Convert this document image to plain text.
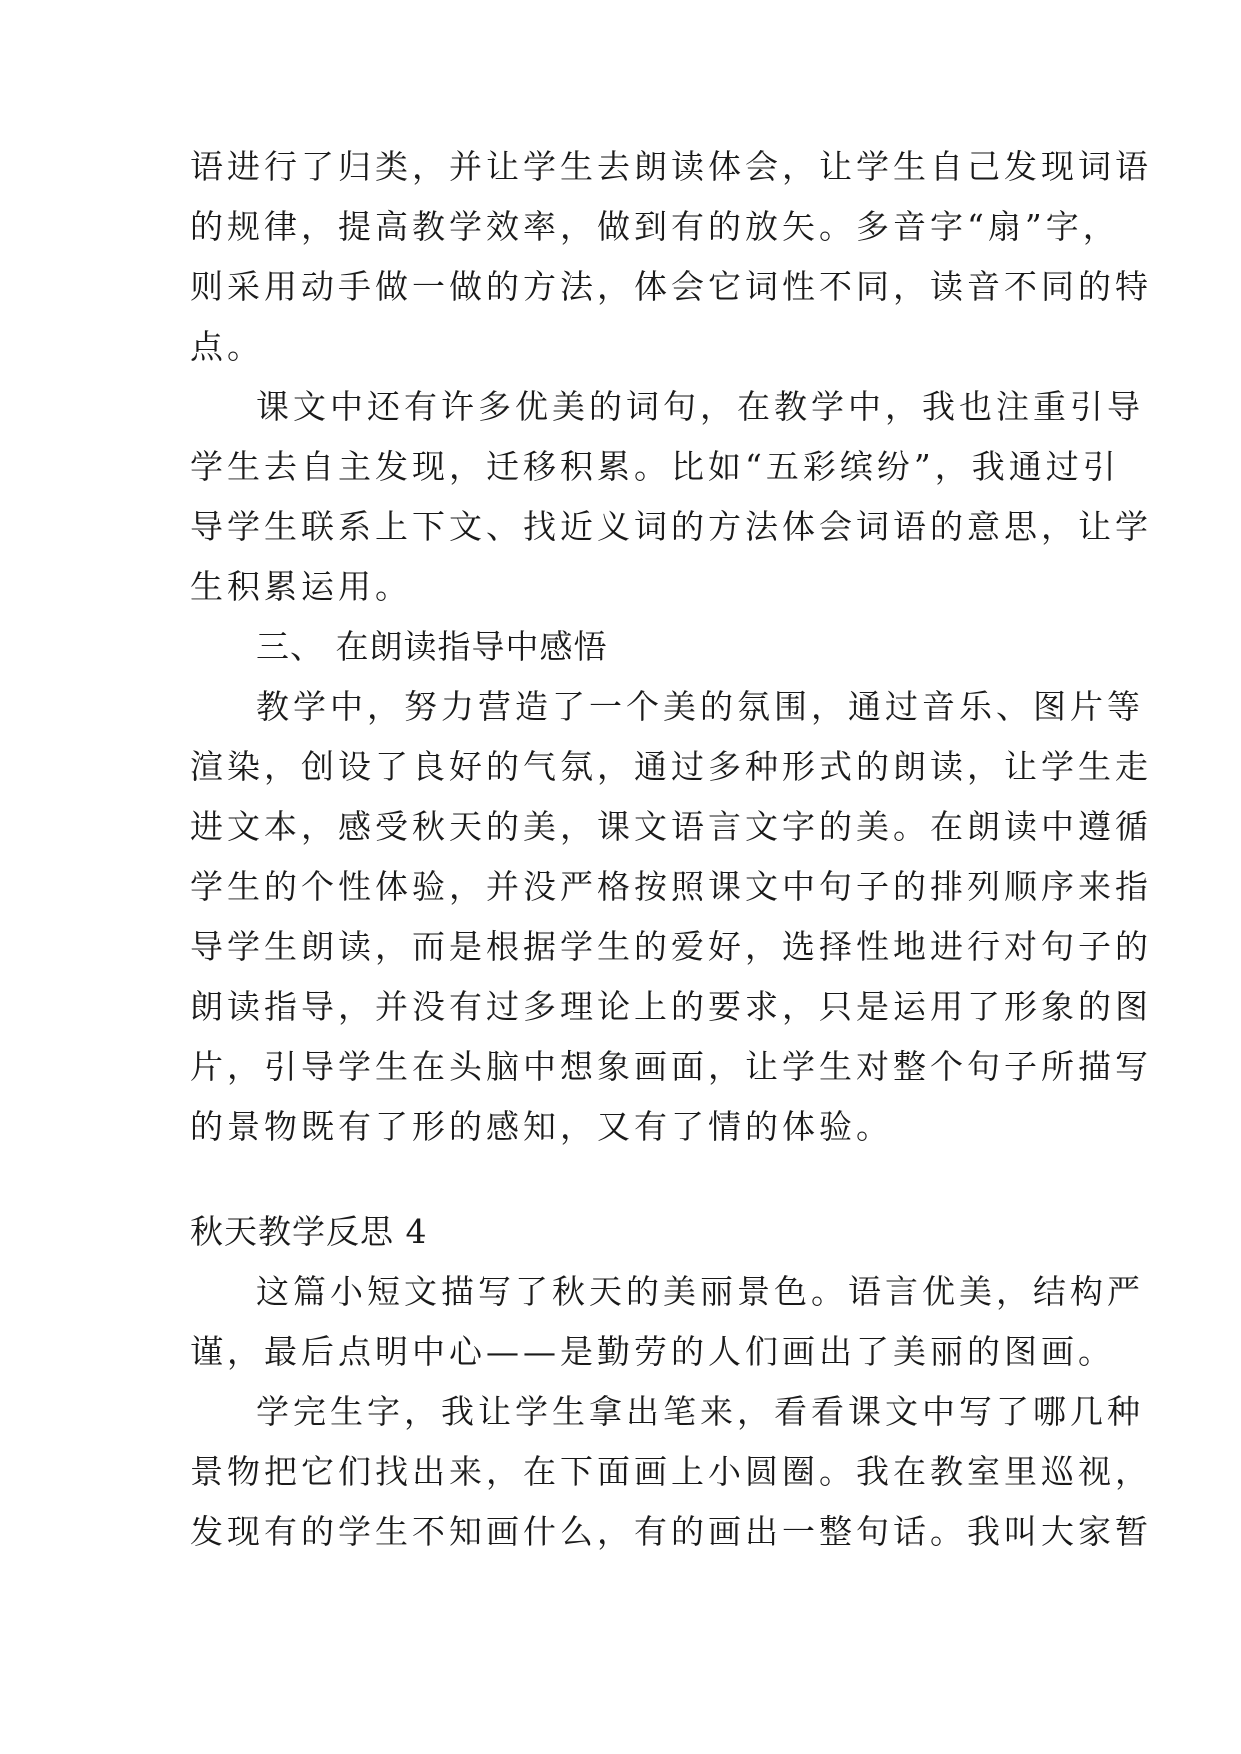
语进行了归类，并让学生去朗读体会，让学生自己发现词语
的规律，提高教学效率，做到有的放矢。多音字“扇”字，
则采用动手做一做的方法，体会它词性不同，读音不同的特
点。
课文中还有许多优美的词句，在教学中，我也注重引导
学生去自主发现，迁移积累。比如“五彩缤纷”，我通过引
导学生联系上下文、找近义词的方法体会词语的意思，让学
生积累运用。
三、 在朗读指导中感悟
教学中，努力营造了一个美的氛围，通过音乐、图片等
渲染，创设了良好的气氛，通过多种形式的朗读，让学生走
进文本，感受秋天的美，课文语言文字的美。在朗读中遵循
学生的个性体验，并没严格按照课文中句子的排列顺序来指
导学生朗读，而是根据学生的爱好，选择性地进行对句子的
朗读指导，并没有过多理论上的要求，只是运用了形象的图
片，引导学生在头脑中想象画面，让学生对整个句子所描写
的景物既有了形的感知，又有了情的体验。
秋天教学反思 4
这篇小短文描写了秋天的美丽景色。语言优美，结构严
谨，最后点明中心——是勤劳的人们画出了美丽的图画。
学完生字，我让学生拿出笔来，看看课文中写了哪几种
景物把它们找出来，在下面画上小圆圈。我在教室里巡视，
发现有的学生不知画什么，有的画出一整句话。我叫大家暂
